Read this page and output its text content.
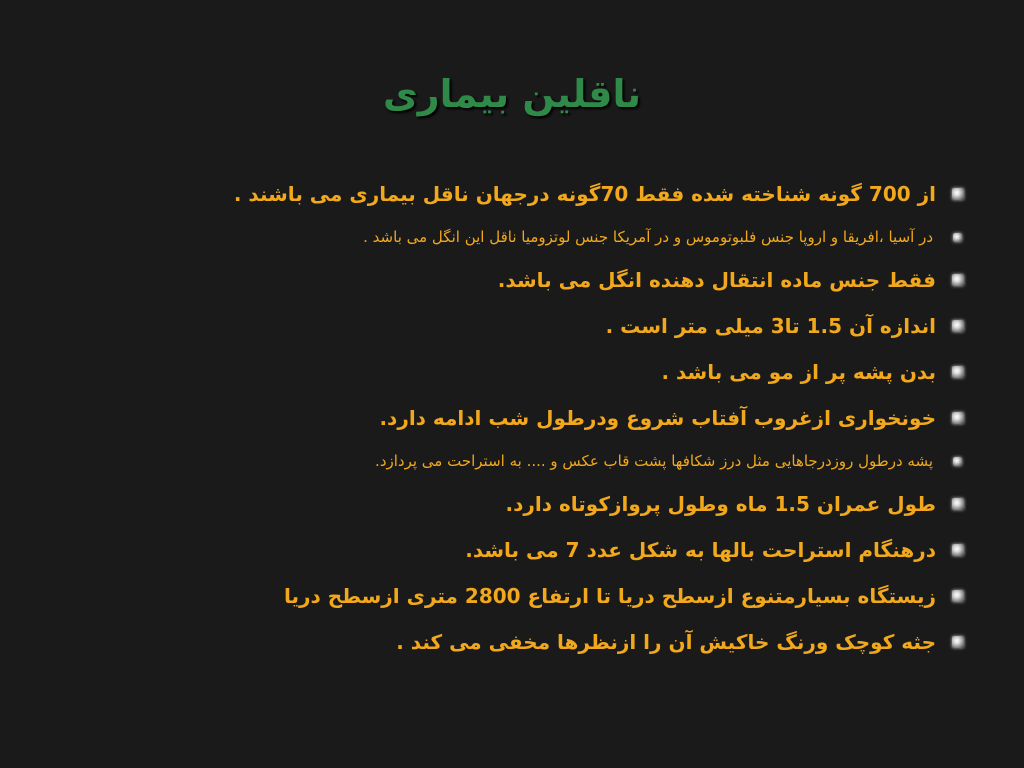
ناقلین بیماری
از 700 گونه شناخته شده فقط 70گونه درجهان ناقل بیماری می باشند .
در آسیا ،افریقا و اروپا جنس فلبوتوموس و در آمریکا جنس لوتزومیا ناقل این انگل می باشد .
فقط جنس ماده انتقال دهنده انگل می باشد.
اندازه آن 1.5 تا3 میلی متر است .
بدن پشه پر از مو می باشد .
خونخواری ازغروب آفتاب شروع ودرطول شب ادامه دارد.
پشه درطول روزدرجاهایی مثل درز شکافها پشت قاب عکس و .... به استراحت می پردازد.
طول عمران 1.5 ماه وطول پروازکوتاه دارد.
درهنگام استراحت بالها به شکل عدد 7 می باشد.
زیستگاه بسیارمتنوع ازسطح دریا تا ارتفاع 2800 متری ازسطح دریا
جثه کوچک ورنگ خاکیش آن را ازنظرها مخفی می کند .
